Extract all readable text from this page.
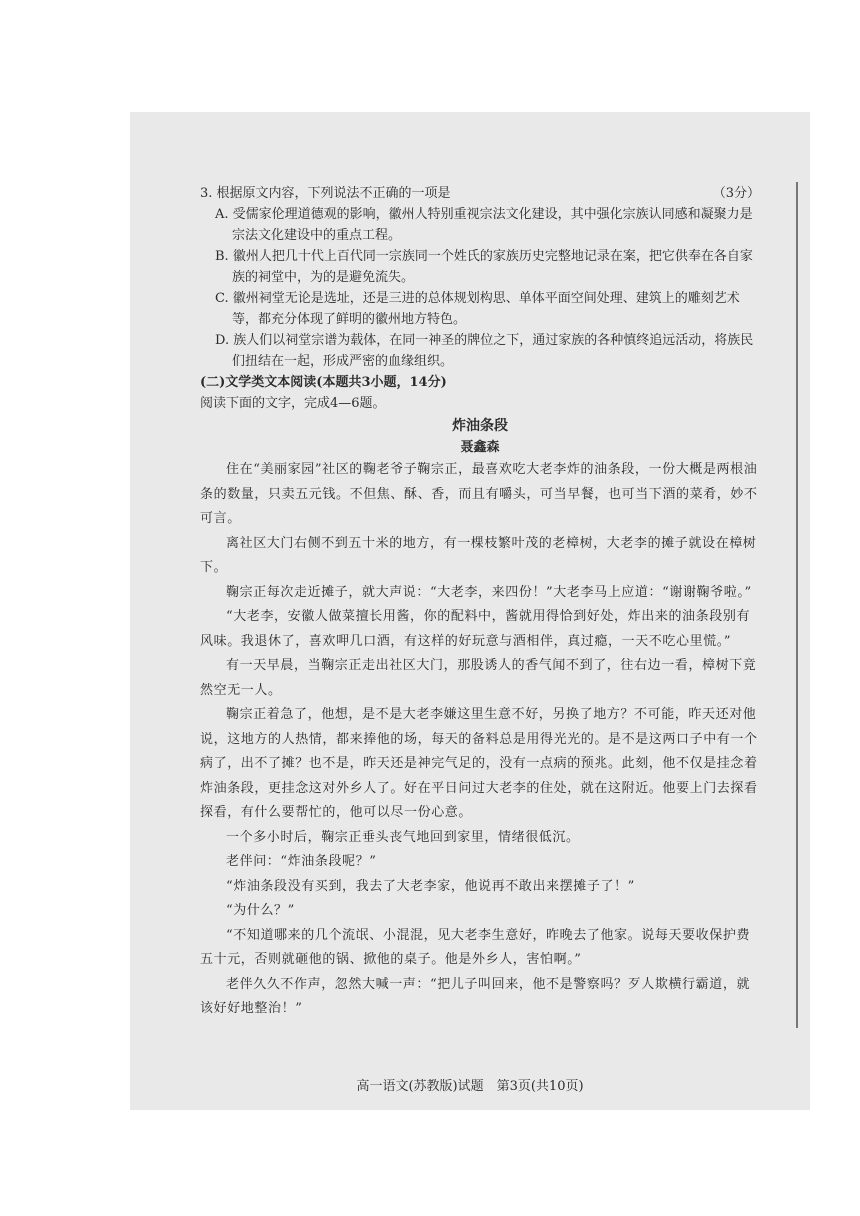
3. 根据原文内容，下列说法不正确的一项是	（3分）
A. 受儒家伦理道德观的影响，徽州人特别重视宗法文化建设，其中强化宗族认同感和凝聚力是宗法文化建设中的重点工程。
B. 徽州人把几十代上百代同一宗族同一个姓氏的家族历史完整地记录在案，把它供奉在各自家族的祠堂中，为的是避免流失。
C. 徽州祠堂无论是选址，还是三进的总体规划构思、单体平面空间处理、建筑上的雕刻艺术等，都充分体现了鲜明的徽州地方特色。
D. 族人们以祠堂宗谱为载体，在同一神圣的牌位之下，通过家族的各种慎终追远活动，将族民们扭结在一起，形成严密的血缘组织。
(二)文学类文本阅读(本题共3小题，14分)
阅读下面的文字，完成4—6题。
炸油条段
聂鑫森
住在“美丽家园”社区的鞠老爷子鞠宗正，最喜欢吃大老李炸的油条段，一份大概是两根油条的数量，只卖五元钱。不但焦、酥、香，而且有嚼头，可当早餐，也可当下酒的菜肴，妙不可言。
离社区大门右侧不到五十米的地方，有一棵枝繁叶茂的老樟树，大老李的摊子就设在樟树下。
鞠宗正每次走近摊子，就大声说：“大老李，来四份！”大老李马上应道：“谢谢鞠爷啦。”
“大老李，安徽人做菜擅长用酱，你的配料中，酱就用得恰到好处，炸出来的油条段别有风味。我退休了，喜欢呷几口酒，有这样的好玩意与酒相伴，真过瘾，一天不吃心里慌。”
有一天早晨，当鞠宗正走出社区大门，那股诱人的香气闻不到了，往右边一看，樟树下竟然空无一人。
鞠宗正着急了，他想，是不是大老李嫌这里生意不好，另换了地方？不可能，昨天还对他说，这地方的人热情，都来捧他的场，每天的备料总是用得光光的。是不是这两口子中有一个病了，出不了摊？也不是，昨天还是神完气足的，没有一点病的预兆。此刻，他不仅是挂念着炸油条段，更挂念这对外乡人了。好在平日问过大老李的住处，就在这附近。他要上门去探看探看，有什么要帮忙的，他可以尽一份心意。
一个多小时后，鞠宗正垂头丧气地回到家里，情绪很低沉。
老伴问：“炸油条段呢？”
“炸油条段没有买到，我去了大老李家，他说再不敢出来摆摊子了！”
“为什么？”
“不知道哪来的几个流氓、小混混，见大老李生意好，昨晚去了他家。说每天要收保护费五十元，否则就砸他的锅、掀他的桌子。他是外乡人，害怕啊。”
老伴久久不作声，忽然大喊一声：“把儿子叫回来，他不是警察吗？歹人欺横行霸道，就该好好地整治！”
高一语文(苏教版)试题　第3页(共10页)
